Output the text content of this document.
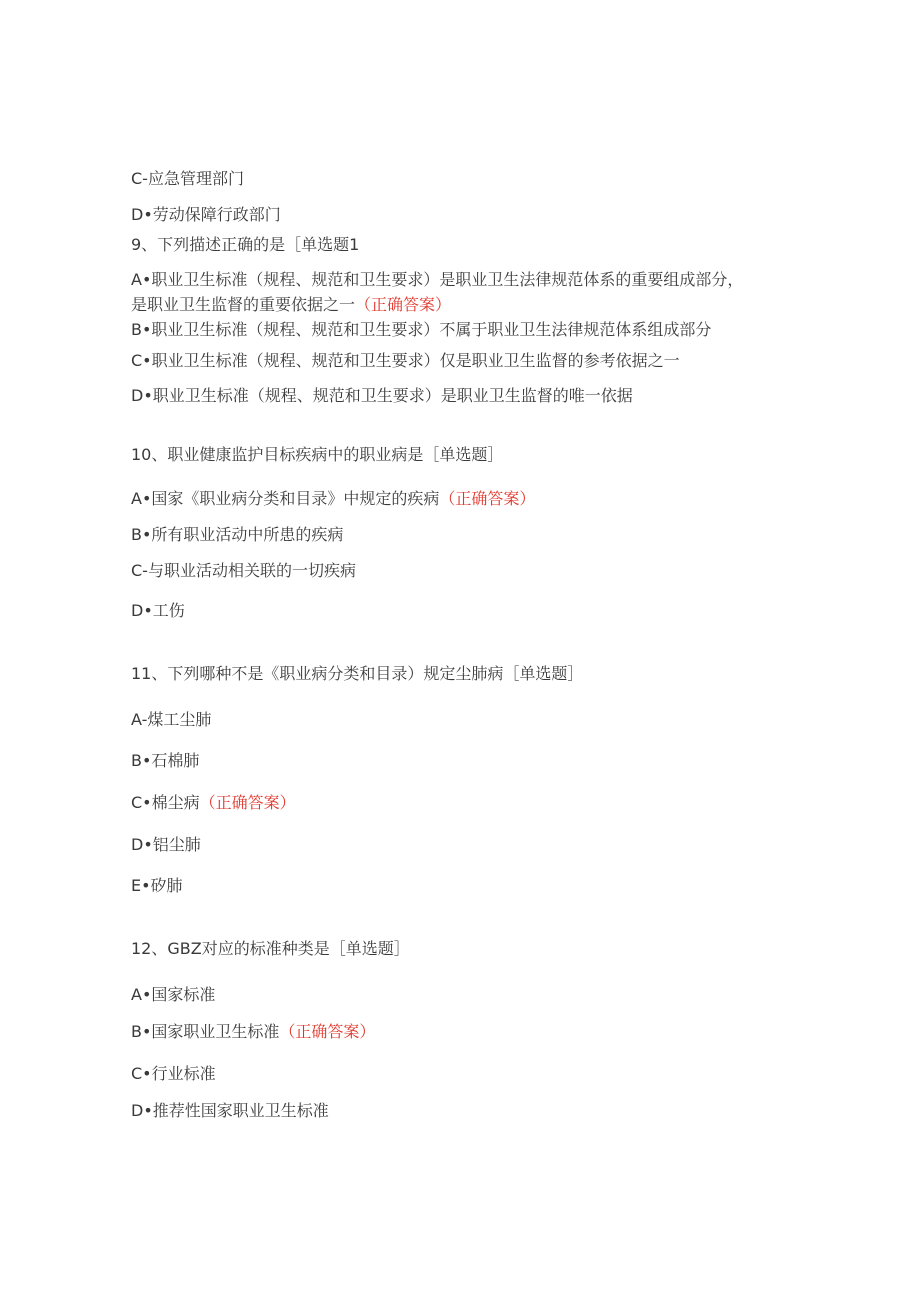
C-应急管理部门
D•劳动保障行政部门
9、下列描述正确的是［单选题1
A•职业卫生标准（规程、规范和卫生要求）是职业卫生法律规范体系的重要组成部分，
是职业卫生监督的重要依据之一（正确答案）
B•职业卫生标准（规程、规范和卫生要求）不属于职业卫生法律规范体系组成部分
C•职业卫生标准（规程、规范和卫生要求）仅是职业卫生监督的参考依据之一
D•职业卫生标准（规程、规范和卫生要求）是职业卫生监督的唯一依据
10、职业健康监护目标疾病中的职业病是［单选题］
A•国家《职业病分类和目录》中规定的疾病（正确答案）
B•所有职业活动中所患的疾病
C-与职业活动相关联的一切疾病
D•工伤
11、下列哪种不是《职业病分类和目录）规定尘肺病［单选题］
A-煤工尘肺
B•石棉肺
C•棉尘病（正确答案）
D•铝尘肺
E•矽肺
12、GBZ对应的标准种类是［单选题］
A•国家标准
B•国家职业卫生标准（正确答案）
C•行业标准
D•推荐性国家职业卫生标准
